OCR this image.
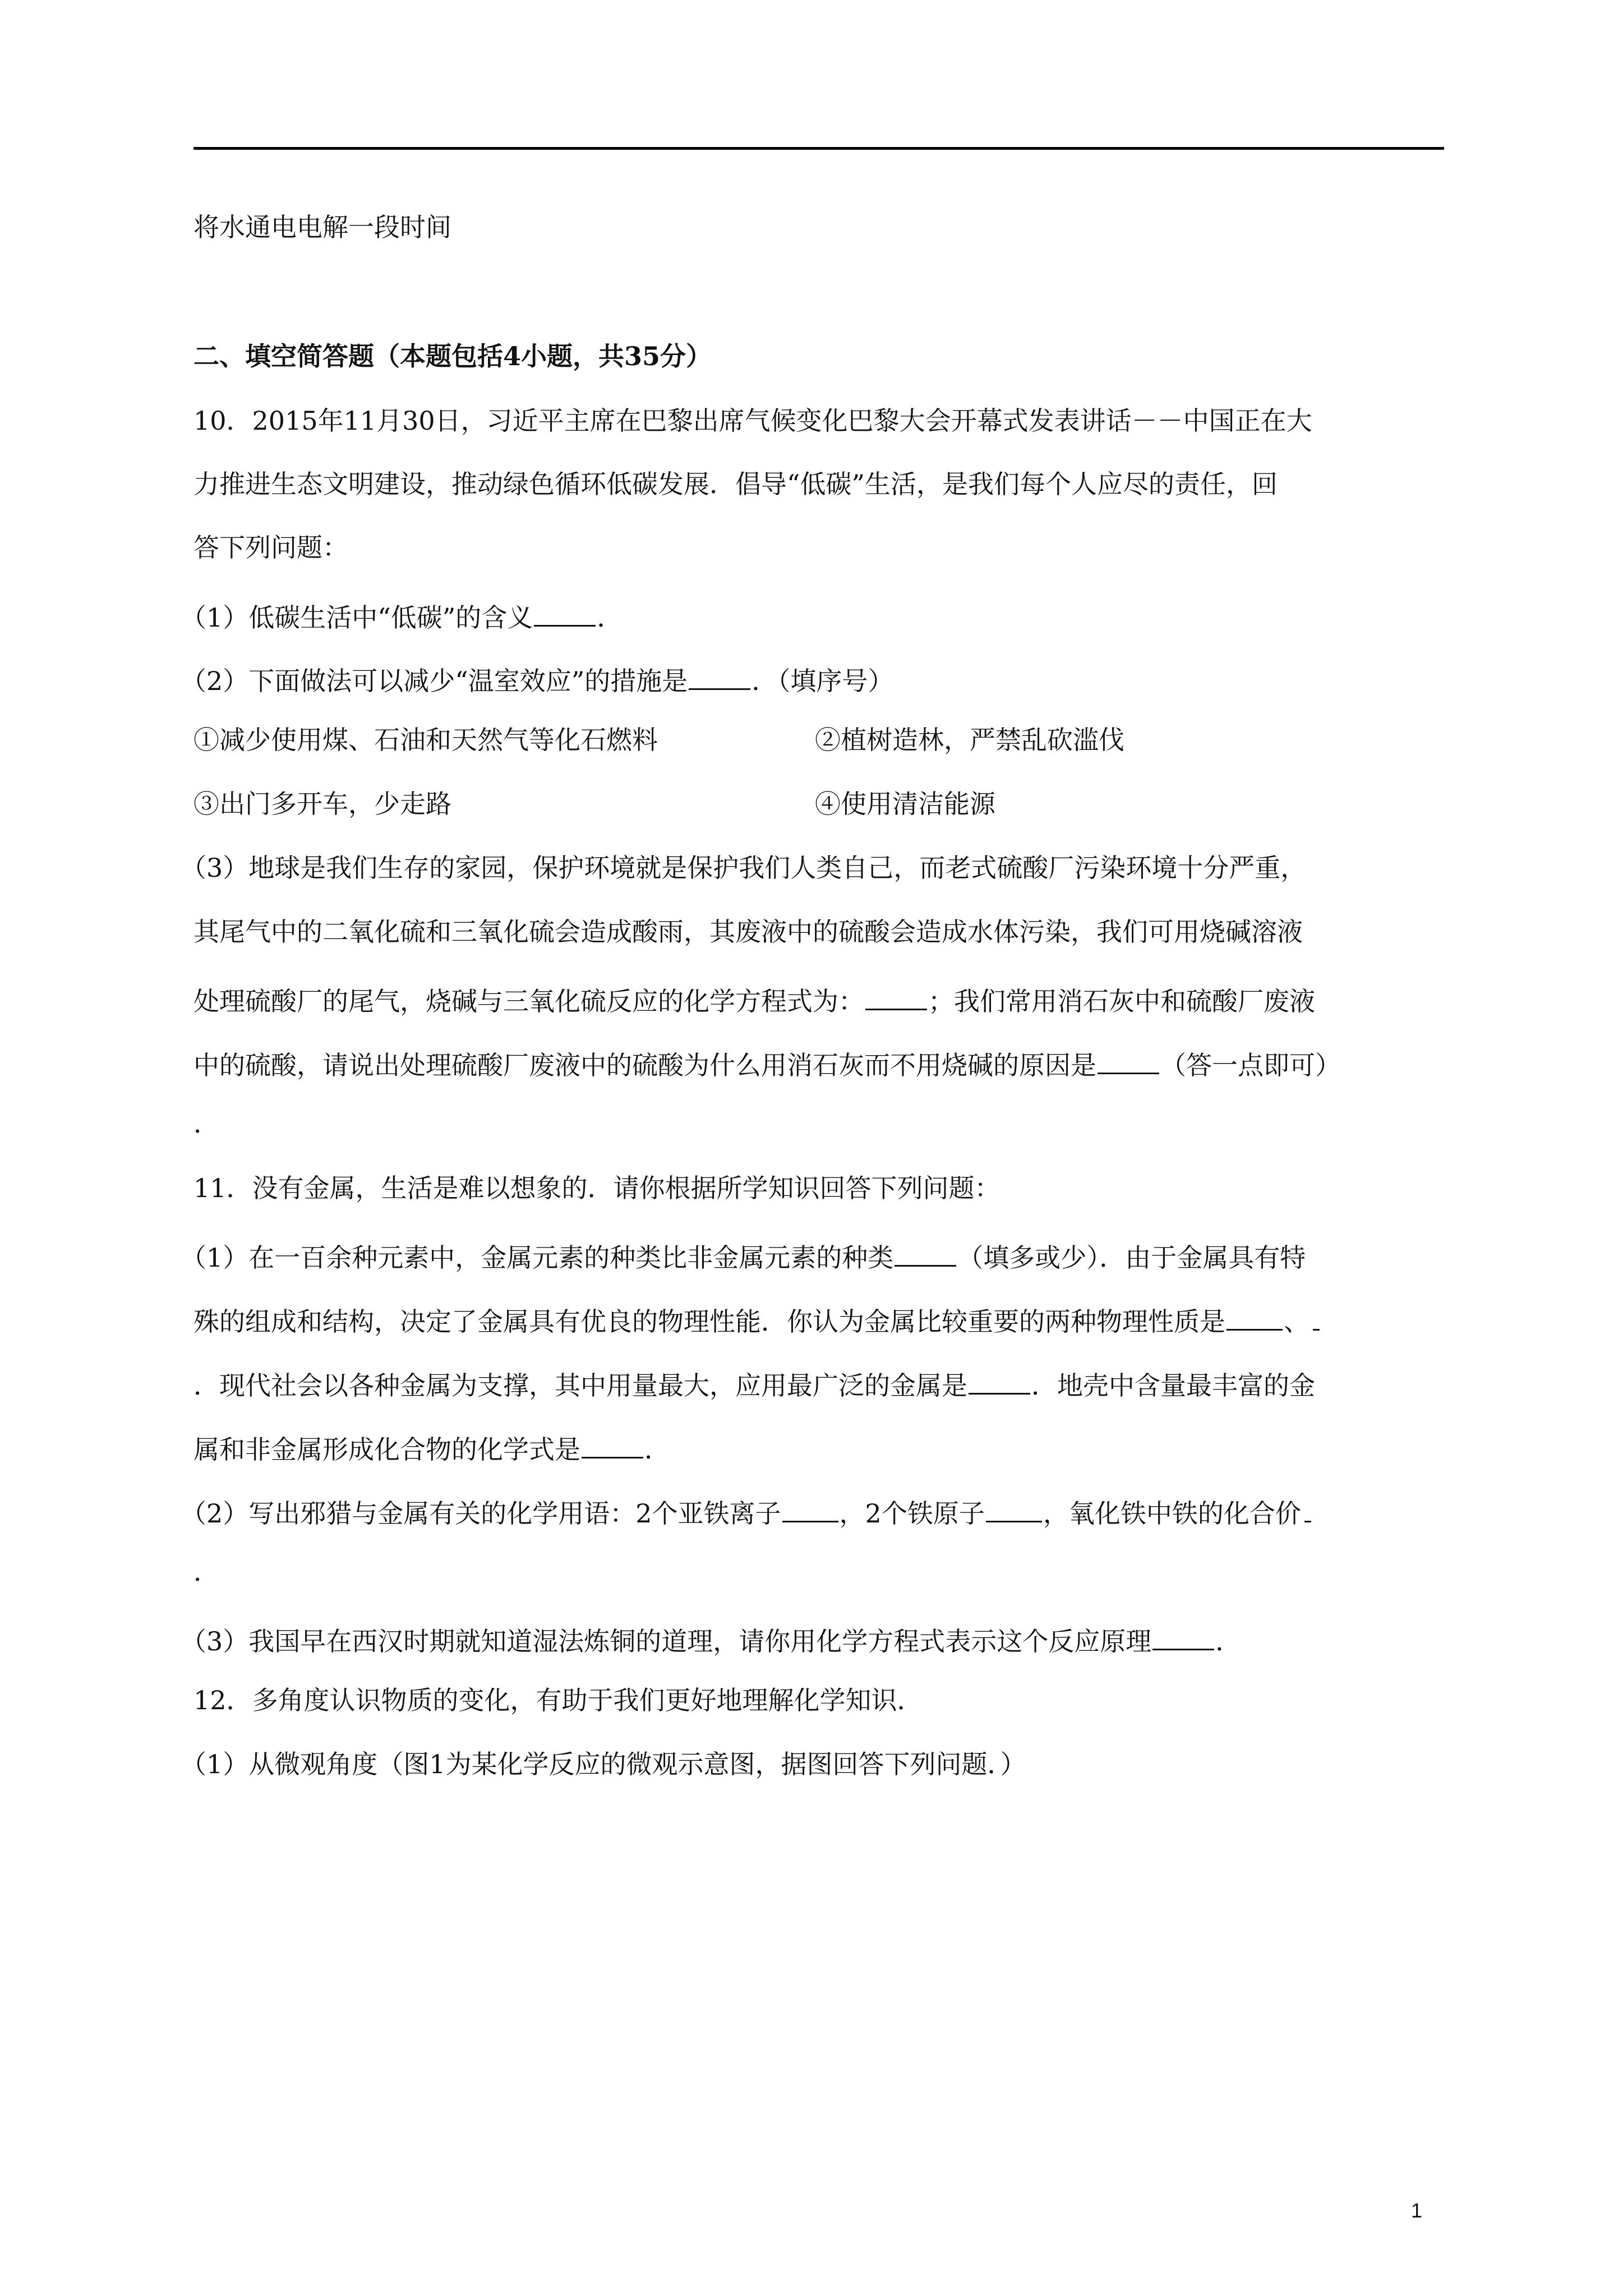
将水通电电解一段时间
二、填空简答题（本题包括4小题，共35分）
10．2015年11月30日，习近平主席在巴黎出席气候变化巴黎大会开幕式发表讲话－－中国正在大
力推进生态文明建设，推动绿色循环低碳发展．倡导“低碳”生活，是我们每个人应尽的责任，回
答下列问题：
（1）低碳生活中“低碳”的含义 ．
（2）下面做法可以减少“温室效应”的措施是 ．（填序号）
①减少使用煤、石油和天然气等化石燃料	②植树造林，严禁乱砍滥伐
③出门多开车，少走路	④使用清洁能源
（3）地球是我们生存的家园，保护环境就是保护我们人类自己，而老式硫酸厂污染环境十分严重，
其尾气中的二氧化硫和三氧化硫会造成酸雨，其废液中的硫酸会造成水体污染，我们可用烧碱溶液
处理硫酸厂的尾气，烧碱与三氧化硫反应的化学方程式为： ；我们常用消石灰中和硫酸厂废液
中的硫酸，请说出处理硫酸厂废液中的硫酸为什么用消石灰而不用烧碱的原因是 （答一点即可）
．
11．没有金属，生活是难以想象的．请你根据所学知识回答下列问题：
（1）在一百余种元素中，金属元素的种类比非金属元素的种类 （填多或少）．由于金属具有特
殊的组成和结构，决定了金属具有优良的物理性能．你认为金属比较重要的两种物理性质是 、
．现代社会以各种金属为支撑，其中用量最大，应用最广泛的金属是 ．地壳中含量最丰富的金
属和非金属形成化合物的化学式是 ．
（2）写出邪猎与金属有关的化学用语：2个亚铁离子 ，2个铁原子 ，氧化铁中铁的化合价
．
（3）我国早在西汉时期就知道湿法炼铜的道理，请你用化学方程式表示这个反应原理 ．
12．多角度认识物质的变化，有助于我们更好地理解化学知识．
（1）从微观角度（图1为某化学反应的微观示意图，据图回答下列问题．）
1
